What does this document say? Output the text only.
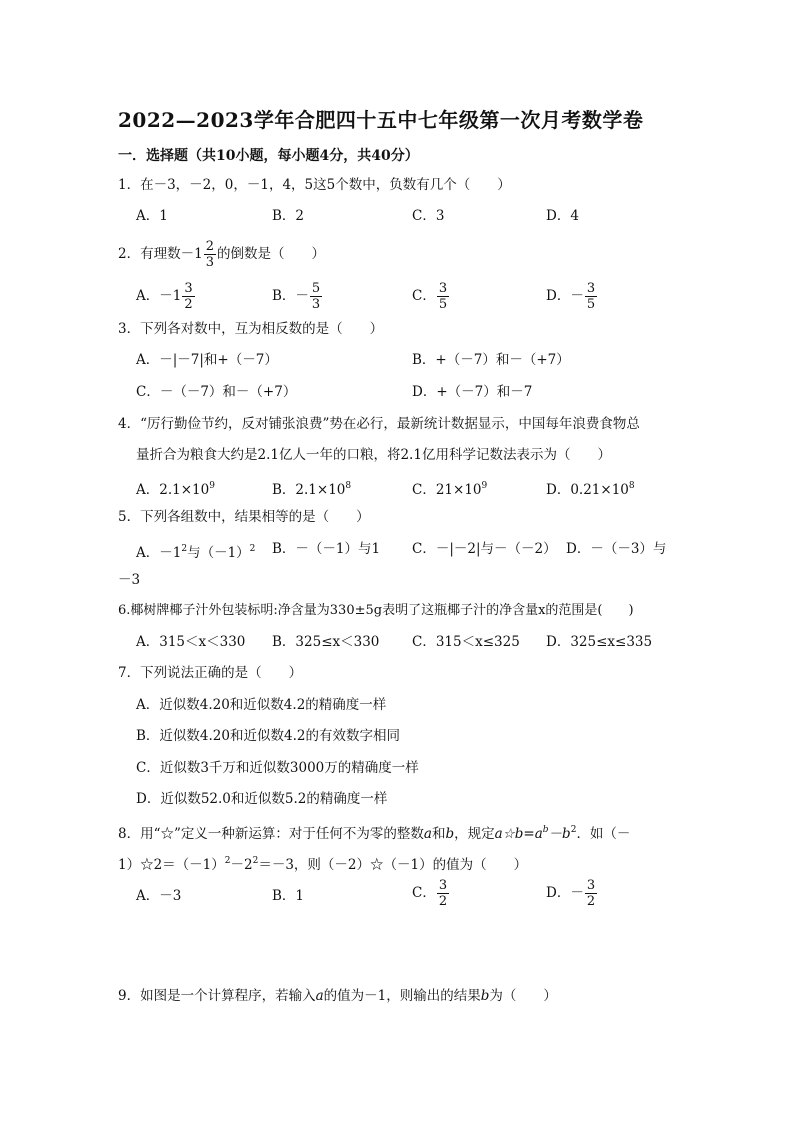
2022—2023学年合肥四十五中七年级第一次月考数学卷
一．选择题（共10小题，每小题4分，共40分）
1．在－3，－2，0，－1，4，5这5个数中，负数有几个（　　）
A．1	B．2	C．3	D．4
2．有理数$-1 \frac{2}{3}$ 的倒数是（　　）
A．$-1 \frac{3}{2}$	B．－ $\frac{5}{3}$	C． $\frac{3}{5}$	D．－ $\frac{3}{5}$
3．下列各对数中，互为相反数的是（　　）
A．－|－7|和+（－7）	B．+（－7）和－（+7）
C．－（－7）和－（+7）	D．+（－7）和－7
4．“厉行勤俭节约，反对铺张浪费”势在必行，最新统计数据显示，中国每年浪费食物总
量折合为粮食大约是2.1亿人一年的口粮，将2.1亿用科学记数法表示为（　　）
A．$2.1\times 10^9$	B．$2.1\times 10^8$	C．$21\times 10^9$	D．$0.21\times 10^8$
5．下列各组数中，结果相等的是（　　）
A．$-1^2$与$(-1)^2$ B．－（－1）与1 C．－|－2|与－（－2） D．－（－3）与
－3
6.椰树牌椰子汁外包装标明:净含量为330±5g表明了这瓶椰子汁的净含量x的范围是(　　)
A．315＜x＜330 B．325≤x＜330 C．315＜x≤325 D．325≤x≤335
7．下列说法正确的是（　　）
A．近似数4.20和近似数4.2的精确度一样
B．近似数4.20和近似数4.2的有效数字相同
C．近似数3千万和近似数3000万的精确度一样
D．近似数52.0和近似数5.2的精确度一样
8．用“☆”定义一种新运算：对于任何不为零的整数a和b，规定$a☆b=a^b-b^2$．如（－
$1)☆2=(-1)^2-2^2=-3$，则（－2）☆（－1）的值为（　　）
A．－3	B．1	C． $\frac{3}{2}$	D．－ $\frac{3}{2}$
9．如图是一个计算程序，若输入a的值为－1，则输出的结果b为（　　）
